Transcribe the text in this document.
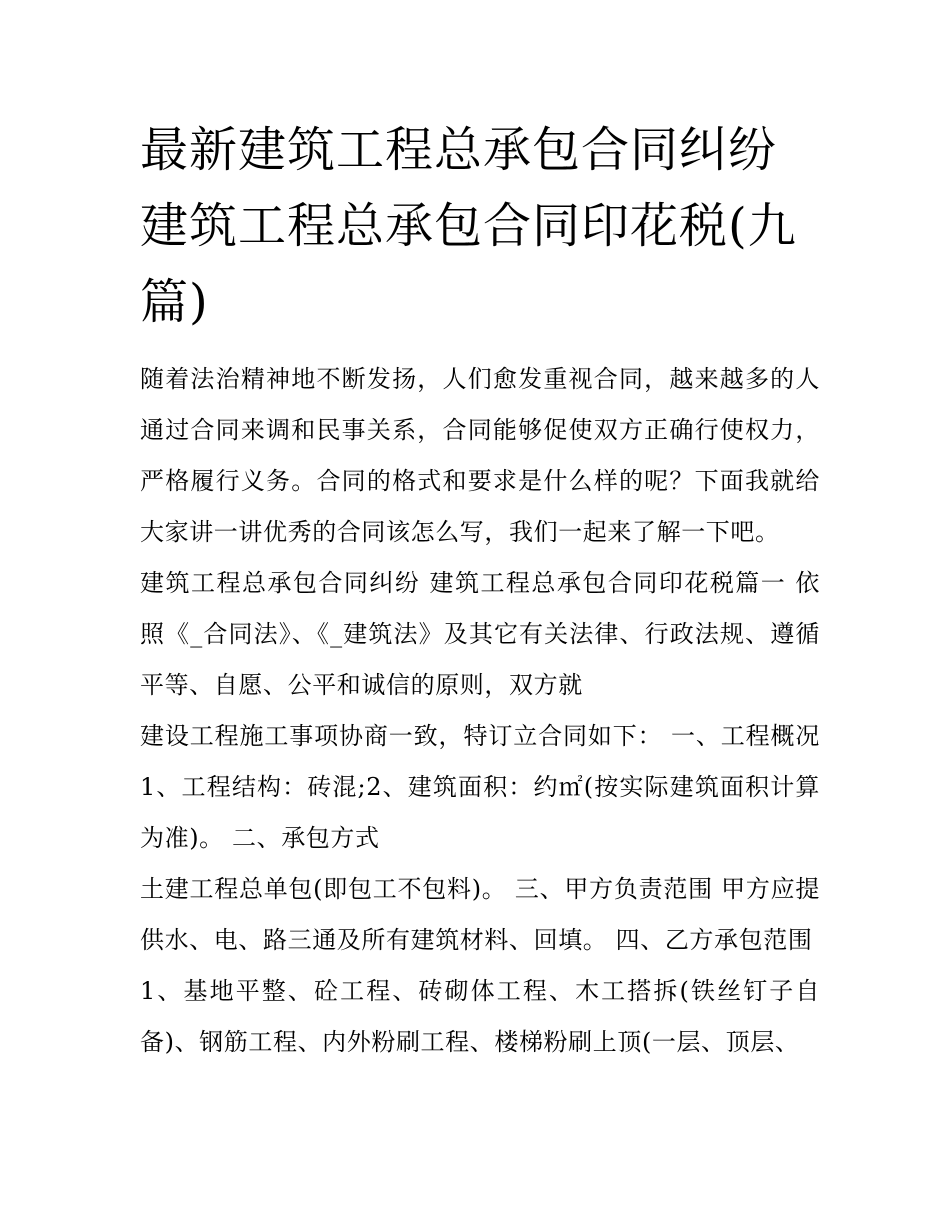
最新建筑工程总承包合同纠纷建筑工程总承包合同印花税(九篇)

随着法治精神地不断发扬，人们愈发重视合同，越来越多的人通过合同来调和民事关系，合同能够促使双方正确行使权力，严格履行义务。合同的格式和要求是什么样的呢？下面我就给大家讲一讲优秀的合同该怎么写，我们一起来了解一下吧。

建筑工程总承包合同纠纷 建筑工程总承包合同印花税篇一 依照《_合同法》、《_建筑法》及其它有关法律、行政法规、遵循平等、自愿、公平和诚信的原则，双方就

建设工程施工事项协商一致，特订立合同如下： 一、工程概况 1、工程结构：砖混;2、建筑面积：约㎡(按实际建筑面积计算为准)。 二、承包方式

土建工程总单包(即包工不包料)。 三、甲方负责范围 甲方应提供水、电、路三通及所有建筑材料、回填。 四、乙方承包范围

1、基地平整、砼工程、砖砌体工程、木工搭拆(铁丝钉子自备)、钢筋工程、内外粉刷工程、楼梯粉刷上顶(一层、顶层、
